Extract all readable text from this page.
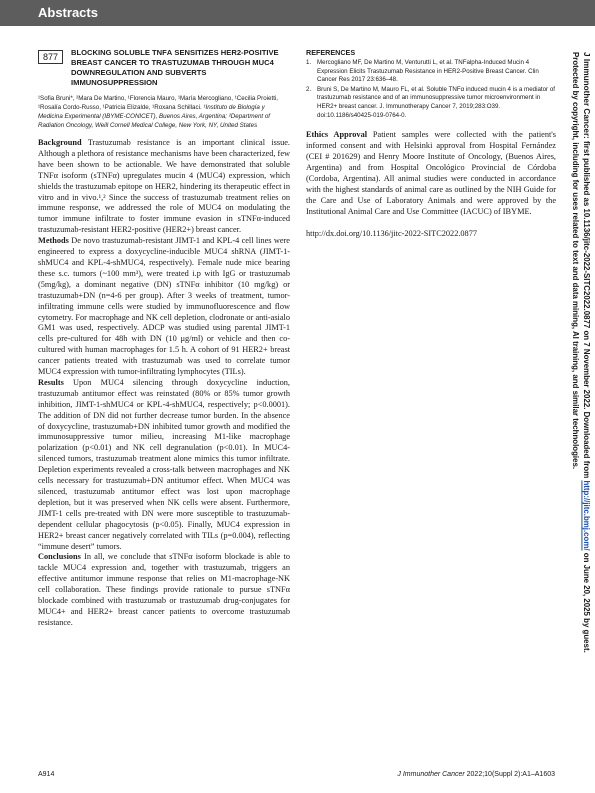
Abstracts
877	BLOCKING SOLUBLE TNFΑ SENSITIZES HER2-POSITIVE BREAST CANCER TO TRASTUZUMAB THROUGH MUC4 DOWNREGULATION AND SUBVERTS IMMUNOSUPPRESSION
¹Sofia Bruni*, ²Mara De Martino, ¹Florencia Mauro, ¹María Mercogliano, ¹Cecilia Proietti, ¹Rosalía Cordo-Russo, ¹Patricia Elizalde, ¹Roxana Schillaci. ¹Instituto de Biología y Medicina Experimental (IBYME-CONICET), Buenos Aires, Argentina; ²Department of Radiation Oncology, Weill Cornell Medical College, New York, NY, United States

Background Trastuzumab resistance is an important clinical issue. Although a plethora of resistance mechanisms have been characterized, few have been shown to be actionable. We have demonstrated that soluble TNFα isoform (sTNFα) upregulates mucin 4 (MUC4) expression, which shields the trastuzumab epitope on HER2, hindering its therapeutic effect in vitro and in vivo.¹,² Since the success of trastuzumab treatment relies on immune response, we addressed the role of MUC4 on modulating the tumor immune infiltrate to foster immune evasion in sTNFα-induced trastuzumab-resistant HER2-positive (HER2+) breast cancer.

Methods De novo trastuzumab-resistant JIMT-1 and KPL-4 cell lines were engineered to express a doxycycline-inducible MUC4 shRNA (JIMT-1-shMUC4 and KPL-4-shMUC4, respectively). Female nude mice bearing these s.c. tumors (~100 mm³), were treated i.p with IgG or trastuzumab (5mg/kg), a dominant negative (DN) sTNFα inhibitor (10 mg/kg) or trastuzumab+DN (n=4-6 per group). After 3 weeks of treatment, tumor-infiltrating immune cells were studied by immunofluorescence and flow cytometry. For macrophage and NK cell depletion, clodronate or anti-asialo GM1 was used, respectively. ADCP was studied using parental JIMT-1 cells pre-cultured for 48h with DN (10 μg/ml) or vehicle and then co-cultured with human macrophages for 1.5 h. A cohort of 91 HER2+ breast cancer patients treated with trastuzumab was used to correlate tumor MUC4 expression with tumor-infiltrating lymphocytes (TILs).

Results Upon MUC4 silencing through doxycycline induction, trastuzumab antitumor effect was reinstated (80% or 85% tumor growth inhibition, JIMT-1-shMUC4 or KPL-4-shMUC4, respectively; p<0.0001). The addition of DN did not further decrease tumor burden. In the absence of doxycycline, trastuzumab+DN inhibited tumor growth and modified the immunosuppressive tumor milieu, increasing M1-like macrophage polarization (p<0.01) and NK cell degranulation (p<0.01). In MUC4-silenced tumors, trastuzumab treatment alone mimics this tumor infiltrate. Depletion experiments revealed a cross-talk between macrophages and NK cells necessary for trastuzumab+DN antitumor effect. When MUC4 was silenced, trastuzumab antitumor effect was lost upon macrophage depletion, but it was preserved when NK cells were absent. Furthermore, JIMT-1 cells pre-treated with DN were more susceptible to trastuzumab-dependent cellular phagocytosis (p<0.05). Finally, MUC4 expression in HER2+ breast cancer negatively correlated with TILs (p=0.004), reflecting “immune desert” tumors.

Conclusions In all, we conclude that sTNFα isoform blockade is able to tackle MUC4 expression and, together with trastuzumab, triggers an effective antitumor immune response that relies on M1-macrophage-NK cell collaboration. These findings provide rationale to pursue sTNFα blockade combined with trastuzumab or trastuzumab drug-conjugates for MUC4+ and HER2+ breast cancer patients to overcome trastuzumab resistance.

REFERENCES
1. Mercogliano MF, De Martino M, Venturutti L, et al. TNFalpha-Induced Mucin 4 Expression Elicits Trastuzumab Resistance in HER2-Positive Breast Cancer. Clin Cancer Res 2017 23:636–48.
2. Bruni S, De Martino M, Mauro FL, et al. Soluble TNFα induced mucin 4 is a mediator of trastuzumab resistance and of an immunosuppressive tumor microenvironment in HER2+ breast cancer. J. Immunotherapy Cancer 7, 2019;283:O39. doi:10.1186/s40425-019-0764-0.
Ethics Approval Patient samples were collected with the patient's informed consent and with Helsinki approval from Hospital Fernández (CEI # 201629) and Henry Moore Institute of Oncology, (Buenos Aires, Argentina) and from Hospital Oncológico Provincial de Córdoba (Cordoba, Argentina). All animal studies were conducted in accordance with the highest standards of animal care as outlined by the NIH Guide for the Care and Use of Laboratory Animals and were approved by the Institutional Animal Care and Use Committee (IACUC) of IBYME.
http://dx.doi.org/10.1136/jitc-2022-SITC2022.0877
J Immunother Cancer: first published as 10.1136/jitc-2022-SITC2022.0877 on 7 November 2022. Downloaded from http://jitc.bmj.com/ on June 20, 2025 by guest.
Protected by copyright, including for uses related to text and data mining, AI training, and similar technologies.
A914	J Immunother Cancer 2022;10(Suppl 2):A1–A1603
